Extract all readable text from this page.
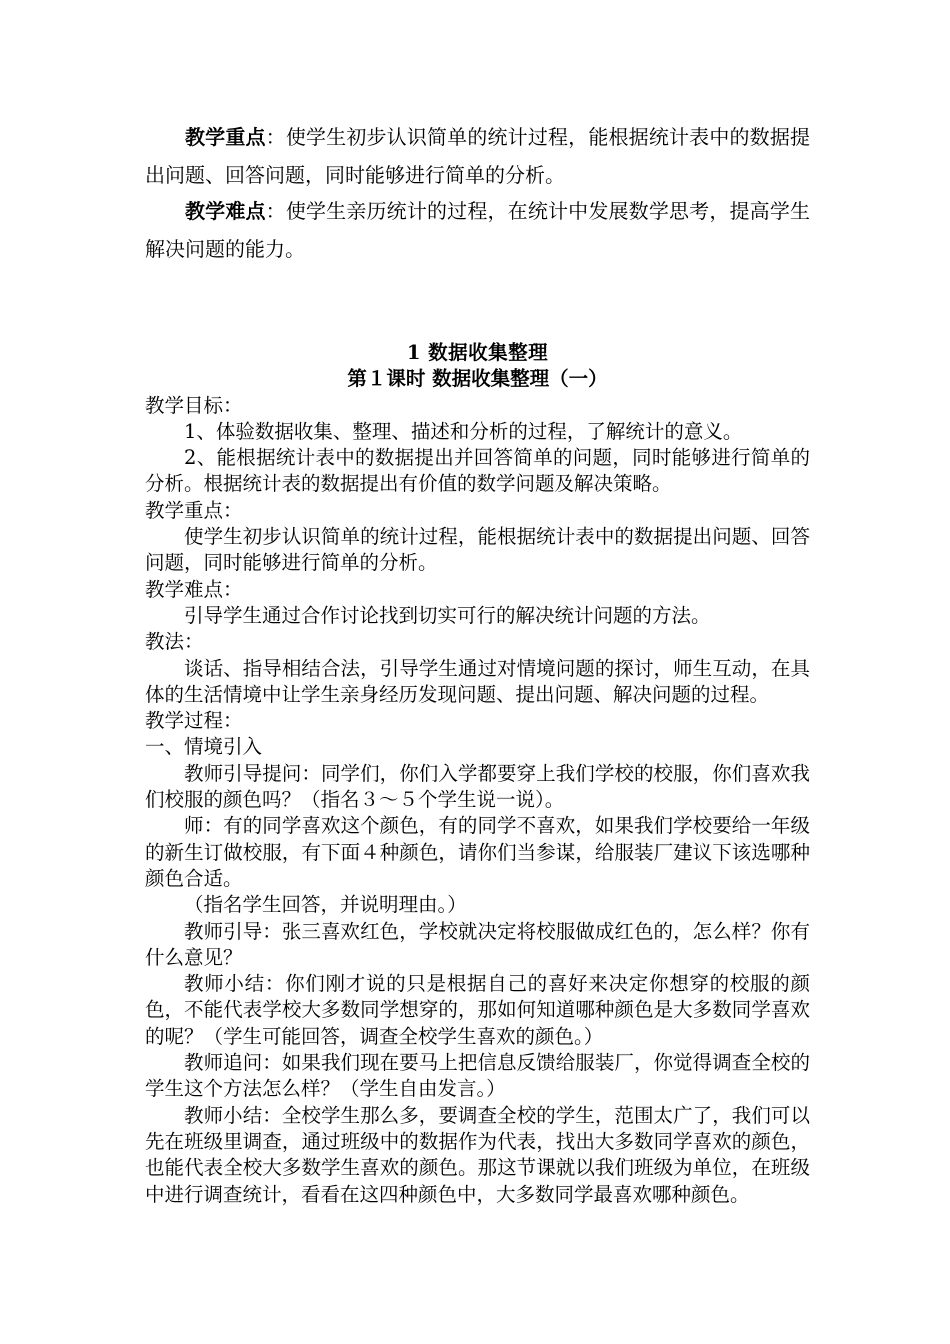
教学重点：使学生初步认识简单的统计过程，能根据统计表中的数据提出问题、回答问题，同时能够进行简单的分析。

教学难点：使学生亲历统计的过程，在统计中发展数学思考，提高学生解决问题的能力。

1 数据收集整理

第１课时 数据收集整理（一）

教学目标：

1、体验数据收集、整理、描述和分析的过程，了解统计的意义。

2、能根据统计表中的数据提出并回答简单的问题，同时能够进行简单的分析。根据统计表的数据提出有价值的数学问题及解决策略。

教学重点：

使学生初步认识简单的统计过程，能根据统计表中的数据提出问题、回答问题，同时能够进行简单的分析。

教学难点：

引导学生通过合作讨论找到切实可行的解决统计问题的方法。

教法：

谈话、指导相结合法，引导学生通过对情境问题的探讨，师生互动，在具体的生活情境中让学生亲身经历发现问题、提出问题、解决问题的过程。

教学过程：

一、情境引入

教师引导提问：同学们，你们入学都要穿上我们学校的校服，你们喜欢我们校服的颜色吗？（指名３～５个学生说一说）。

师：有的同学喜欢这个颜色，有的同学不喜欢，如果我们学校要给一年级的新生订做校服，有下面４种颜色，请你们当参谋，给服装厂建议下该选哪种颜色合适。

（指名学生回答，并说明理由。）

教师引导：张三喜欢红色，学校就决定将校服做成红色的，怎么样？你有什么意见？

教师小结：你们刚才说的只是根据自己的喜好来决定你想穿的校服的颜色，不能代表学校大多数同学想穿的，那如何知道哪种颜色是大多数同学喜欢的呢？（学生可能回答，调查全校学生喜欢的颜色。）

教师追问：如果我们现在要马上把信息反馈给服装厂，你觉得调查全校的学生这个方法怎么样？（学生自由发言。）

教师小结：全校学生那么多，要调查全校的学生，范围太广了，我们可以先在班级里调查，通过班级中的数据作为代表，找出大多数同学喜欢的颜色，也能代表全校大多数学生喜欢的颜色。那这节课就以我们班级为单位，在班级中进行调查统计，看看在这四种颜色中，大多数同学最喜欢哪种颜色。
